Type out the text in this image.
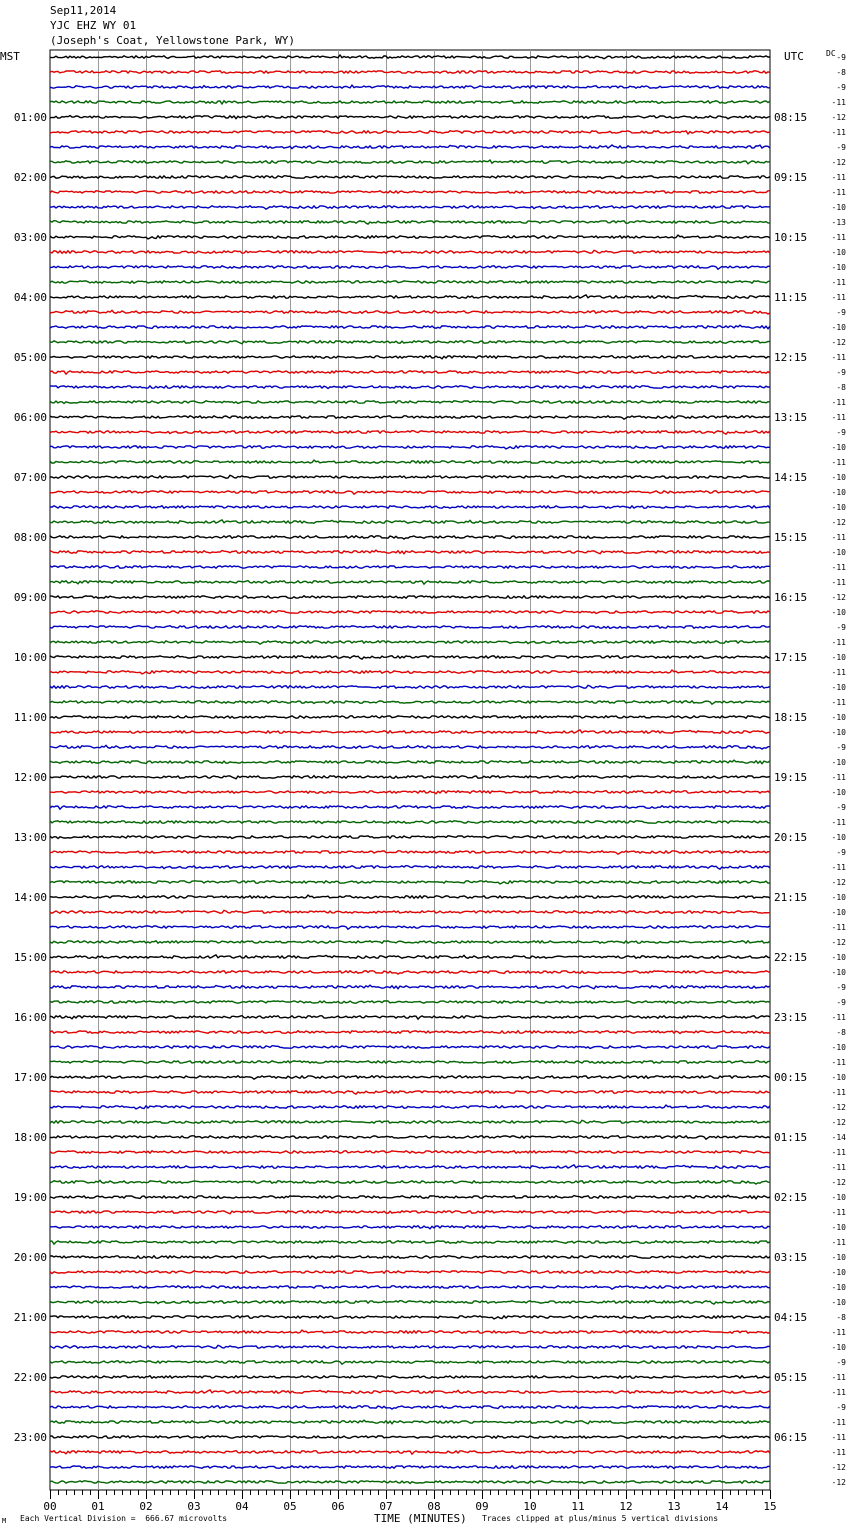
Sep11,2014
YJC EHZ WY 01
(Joseph's Coat, Yellowstone Park, WY)
MST	UTC	DC
01:00	08:15
02:00	09:15
03:00	10:15
04:00	11:15
05:00	12:15
06:00	13:15
07:00	14:15
08:00	15:15
09:00	16:15
10:00	17:15
11:00	18:15
12:00	19:15
13:00	20:15
14:00	21:15
15:00	22:15
16:00	23:15
17:00	00:15
18:00	01:15
19:00	02:15
20:00	03:15
21:00	04:15
22:00	05:15
23:00	06:15
-9
-8
-9
-11
-12
-11
-9
-12
-11
-11
-10
-13
-11
-10
-10
-11
-11
-9
-10
-12
-11
-9
-8
-11
-11
-9
-10
-11
-10
-10
-10
-12
-11
-10
-11
-11
-12
-10
-9
-11
-10
-11
-10
-11
-10
-10
-9
-10
-11
-10
-9
-11
-10
-9
-11
-12
-10
-10
-11
-12
-10
-10
-9
-9
-11
-8
-10
-11
-10
-11
-12
-12
-14
-11
-11
-12
-10
-11
-10
-11
-10
-10
-10
-10
-8
-11
-10
-9
-11
-11
-9
-11
-11
-11
-12
-12
00	01	02	03	04	05	06	07	08	09	10	11	12	13	14	15
TIME (MINUTES)
M Each Vertical Division =  666.67 microvolts	Traces clipped at plus/minus 5 vertical divisions
